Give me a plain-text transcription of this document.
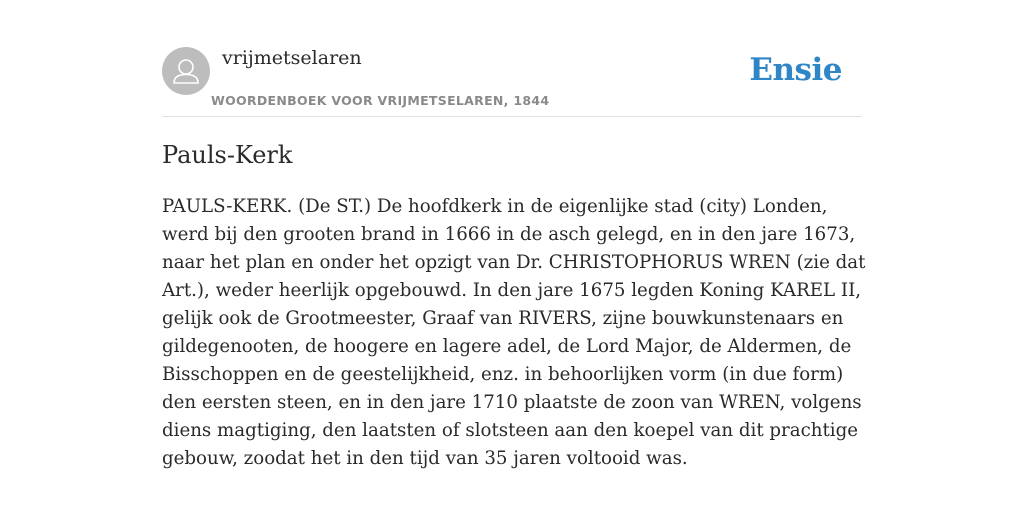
vrijmetselaren
WOORDENBOEK VOOR VRIJMETSELAREN, 1844
Ensie
Pauls-Kerk

PAULS-KERK. (De ST.) De hoofdkerk in de eigenlijke stad (city) Londen, werd bij den grooten brand in 1666 in de asch gelegd, en in den jare 1673, naar het plan en onder het opzigt van Dr. CHRISTOPHORUS WREN (zie dat Art.), weder heerlijk opgebouwd. In den jare 1675 legden Koning KAREL II, gelijk ook de Grootmeester, Graaf van RIVERS, zijne bouwkunstenaars en gildegenooten, de hoogere en lagere adel, de Lord Major, de Aldermen, de Bisschoppen en de geestelijkheid, enz. in behoorlijken vorm (in due form) den eersten steen, en in den jare 1710 plaatste de zoon van WREN, volgens diens magtiging, den laatsten of slotsteen aan den koepel van dit prachtige gebouw, zoodat het in den tijd van 35 jaren voltooid was.
